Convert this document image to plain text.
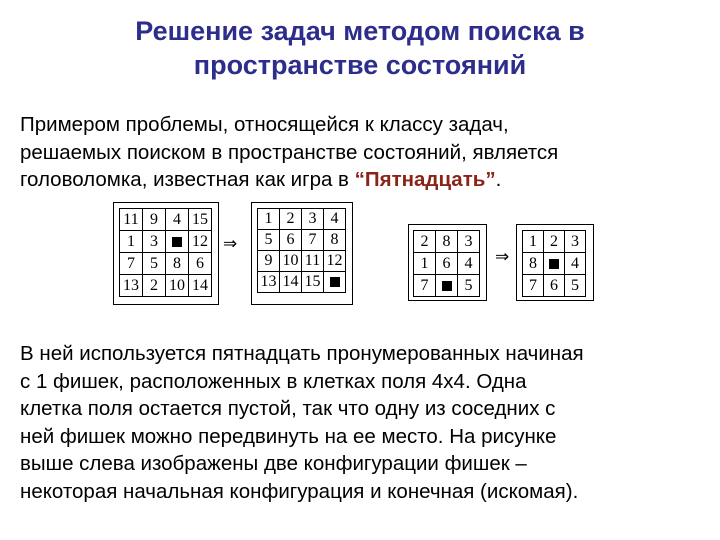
Решение задач методом поиска в
пространстве состояний
Примером проблемы, относящейся к классу задач,
решаемых поиском в пространстве состояний, является
головоломка, известная как игра в “Пятнадцать”.
11	9	4	15
1	3		12
7	5	8	6
13	2	10	14
⇒
1	2	3	4
5	6	7	8
9	10	11	12
13	14	15	
2	8	3
1	6	4
7		5
⇒
1	2	3
8		4
7	6	5
В ней используется пятнадцать пронумерованных начиная
с 1 фишек, расположенных в клетках поля 4х4. Одна
клетка поля остается пустой, так что одну из соседних с
ней фишек можно передвинуть на ее место. На рисунке
выше слева изображены две конфигурации фишек –
некоторая начальная конфигурация и конечная (искомая).
